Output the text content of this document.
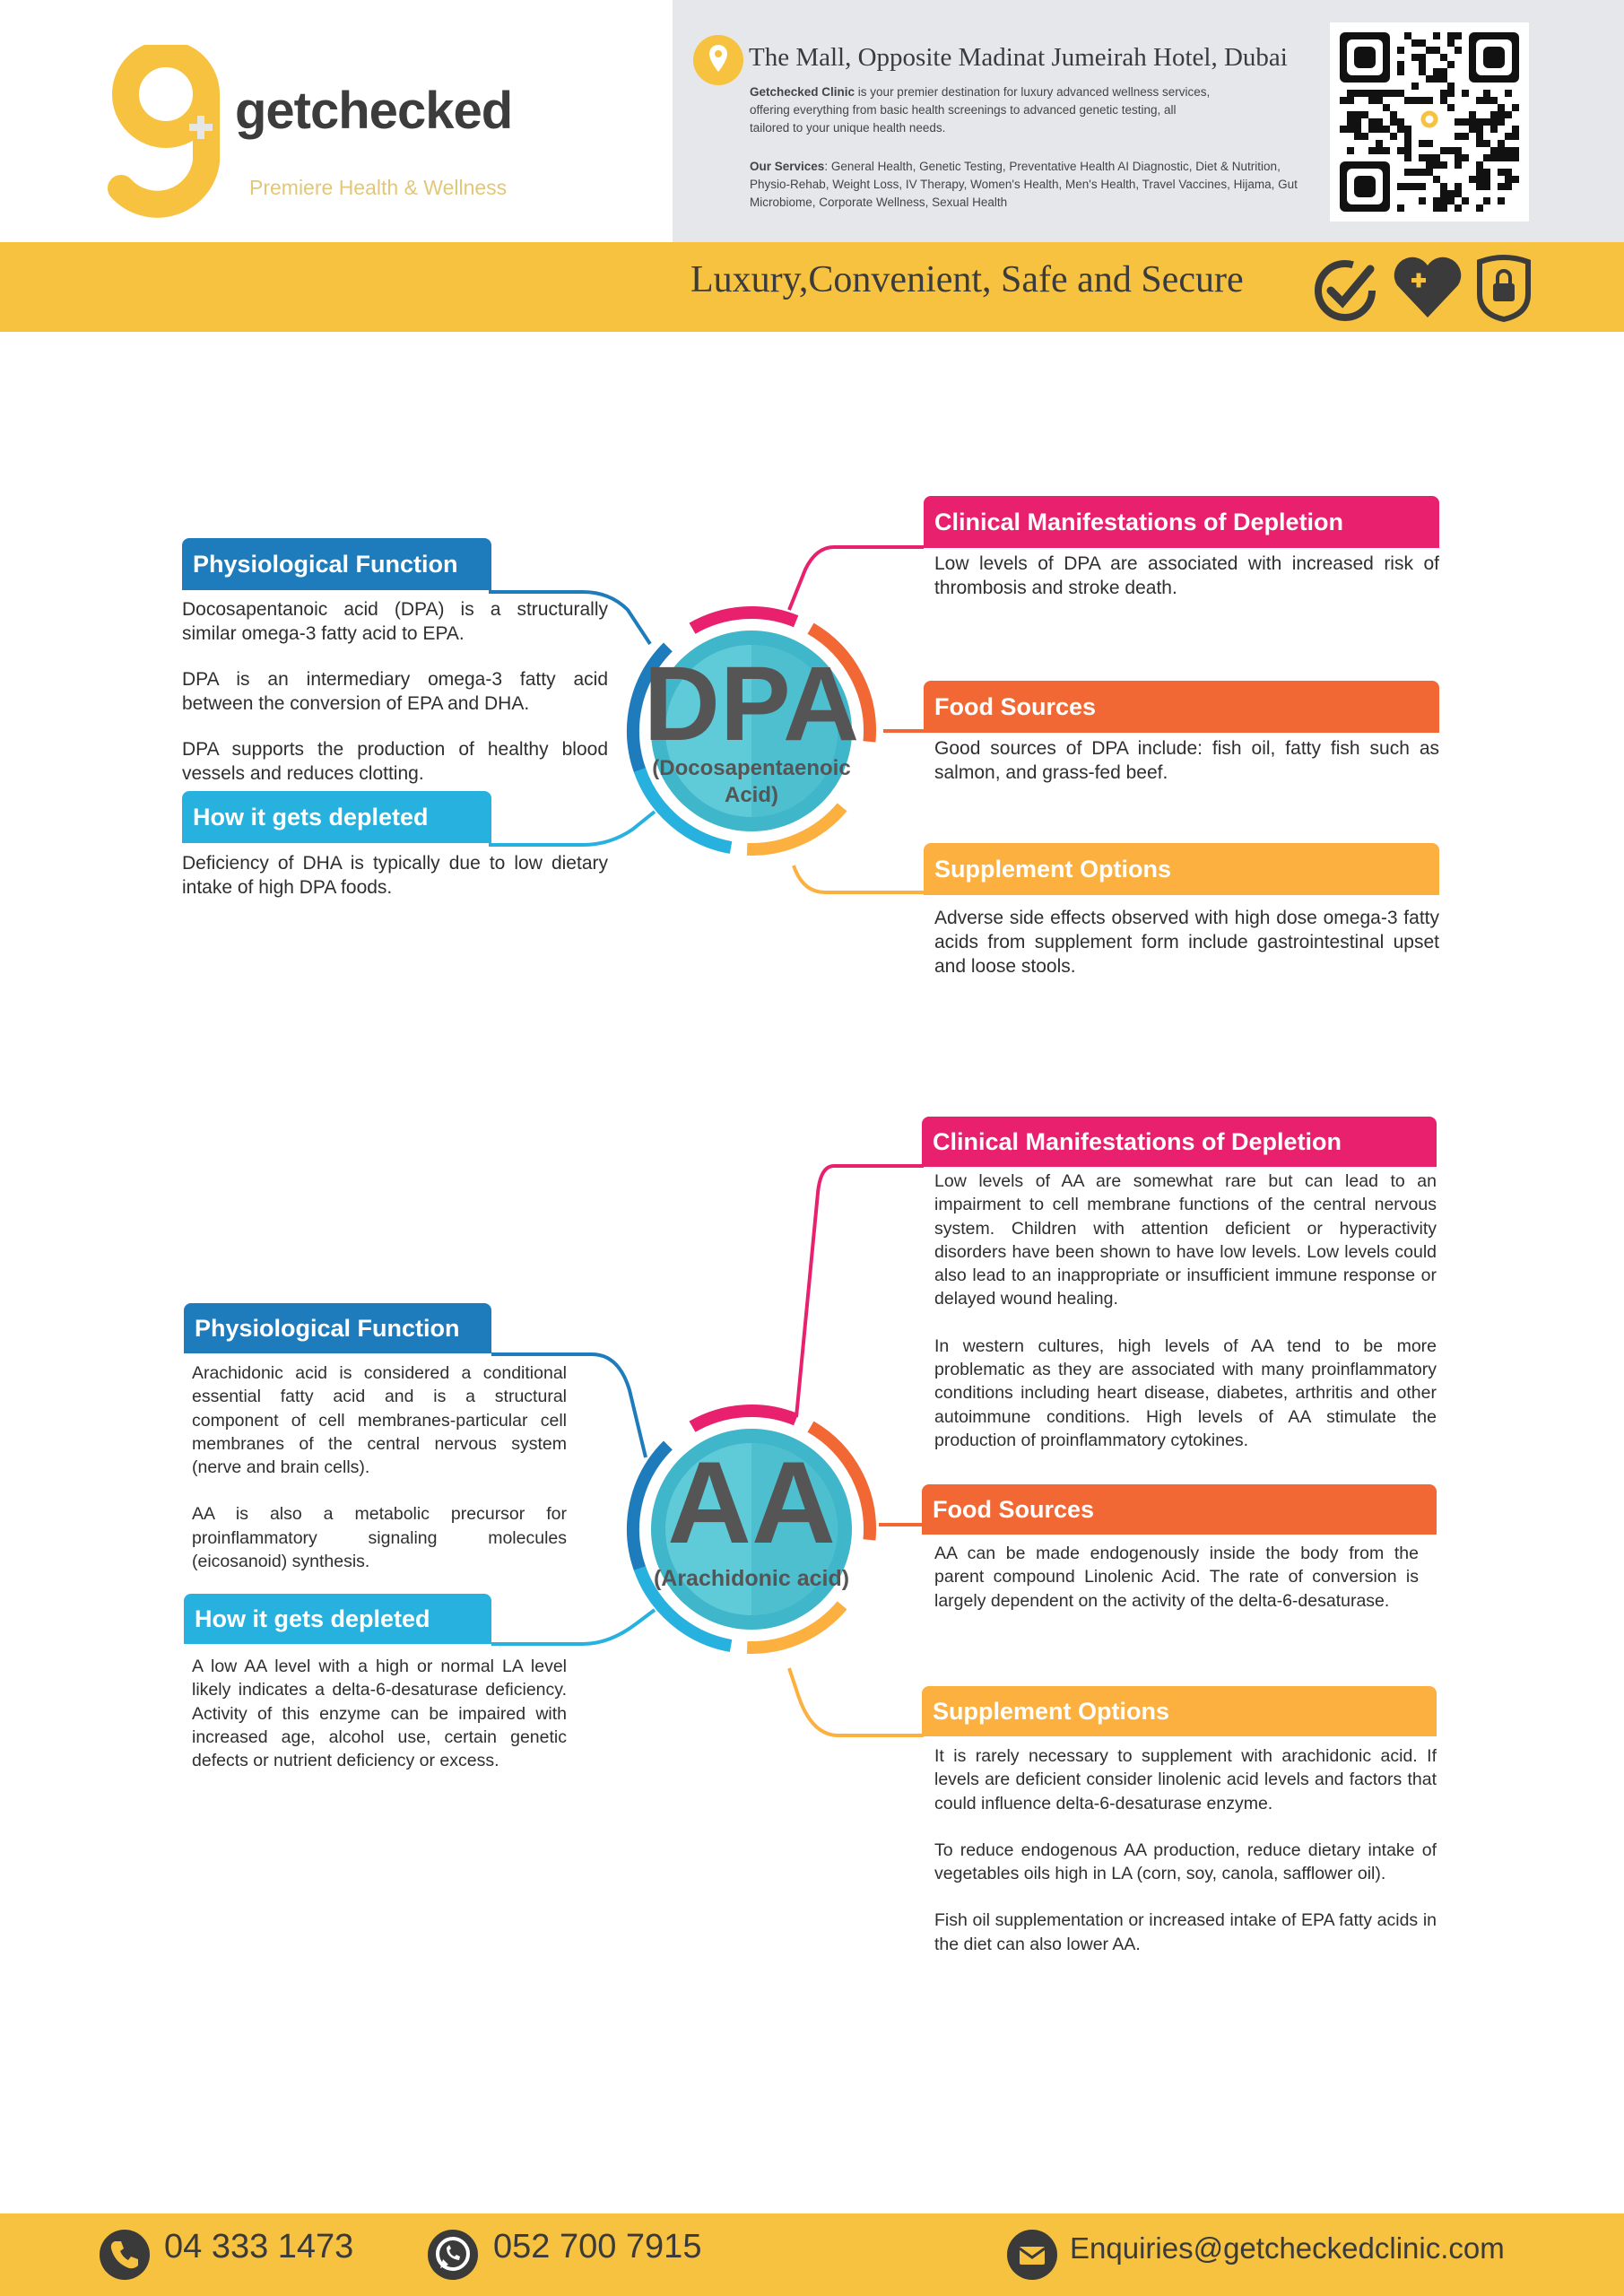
getchecked
Premiere Health & Wellness
The Mall, Opposite Madinat Jumeirah Hotel, Dubai
Getchecked Clinic is your premier destination for luxury advanced wellness services, offering everything from basic health screenings to advanced genetic testing, all tailored to your unique health needs.
Our Services: General Health, Genetic Testing, Preventative Health AI Diagnostic, Diet & Nutrition, Physio-Rehab, Weight Loss, IV Therapy, Women's Health, Men's Health, Travel Vaccines, Hijama, Gut Microbiome, Corporate Wellness, Sexual Health
Luxury,Convenient, Safe and Secure
DPA
(Docosapentaenoic Acid)
Physiological Function

Docosapentanoic acid (DPA) is a structurally similar omega-3 fatty acid to EPA.

DPA is an intermediary omega-3 fatty acid between the conversion of EPA and DHA.

DPA supports the production of healthy blood vessels and reduces clotting.

How it gets depleted
Deficiency of DHA is typically due to low dietary intake of high DPA foods.
Clinical Manifestations of Depletion
Low levels of DPA are associated with increased risk of thrombosis and stroke death.
Food Sources
Good sources of DPA include: fish oil, fatty fish such as salmon, and grass-fed beef.
Supplement Options
Adverse side effects observed with high dose omega-3 fatty acids from supplement form include gastrointestinal upset and loose stools.
AA
(Arachidonic acid)
Physiological Function

Arachidonic acid is considered a conditional essential fatty acid and is a structural component of cell membranes-particular cell membranes of the central nervous system (nerve and brain cells).

AA is also a metabolic precursor for proinflammatory signaling molecules (eicosanoid) synthesis.

How it gets depleted
A low AA level with a high or normal LA level likely indicates a delta-6-desaturase deficiency. Activity of this enzyme can be impaired with increased age, alcohol use, certain genetic defects or nutrient deficiency or excess.
Clinical Manifestations of Depletion

Low levels of AA are somewhat rare but can lead to an impairment to cell membrane functions of the central nervous system. Children with attention deficient or hyperactivity disorders have been shown to have low levels. Low levels could also lead to an inappropriate or insufficient immune response or delayed wound healing.

In western cultures, high levels of AA tend to be more problematic as they are associated with many proinflammatory conditions including heart disease, diabetes, arthritis and other autoimmune conditions. High levels of AA stimulate the production of proinflammatory cytokines.

Food Sources
AA can be made endogenously inside the body from the parent compound Linolenic Acid. The rate of conversion is largely dependent on the activity of the delta-6-desaturase.
Supplement Options

It is rarely necessary to supplement with arachidonic acid. If levels are deficient consider linolenic acid levels and factors that could influence delta-6-desaturase enzyme.

To reduce endogenous AA production, reduce dietary intake of vegetables oils high in LA (corn, soy, canola, safflower oil).

Fish oil supplementation or increased intake of EPA fatty acids in the diet can also lower AA.

04 333 1473	052 700 7915	Enquiries@getcheckedclinic.com
